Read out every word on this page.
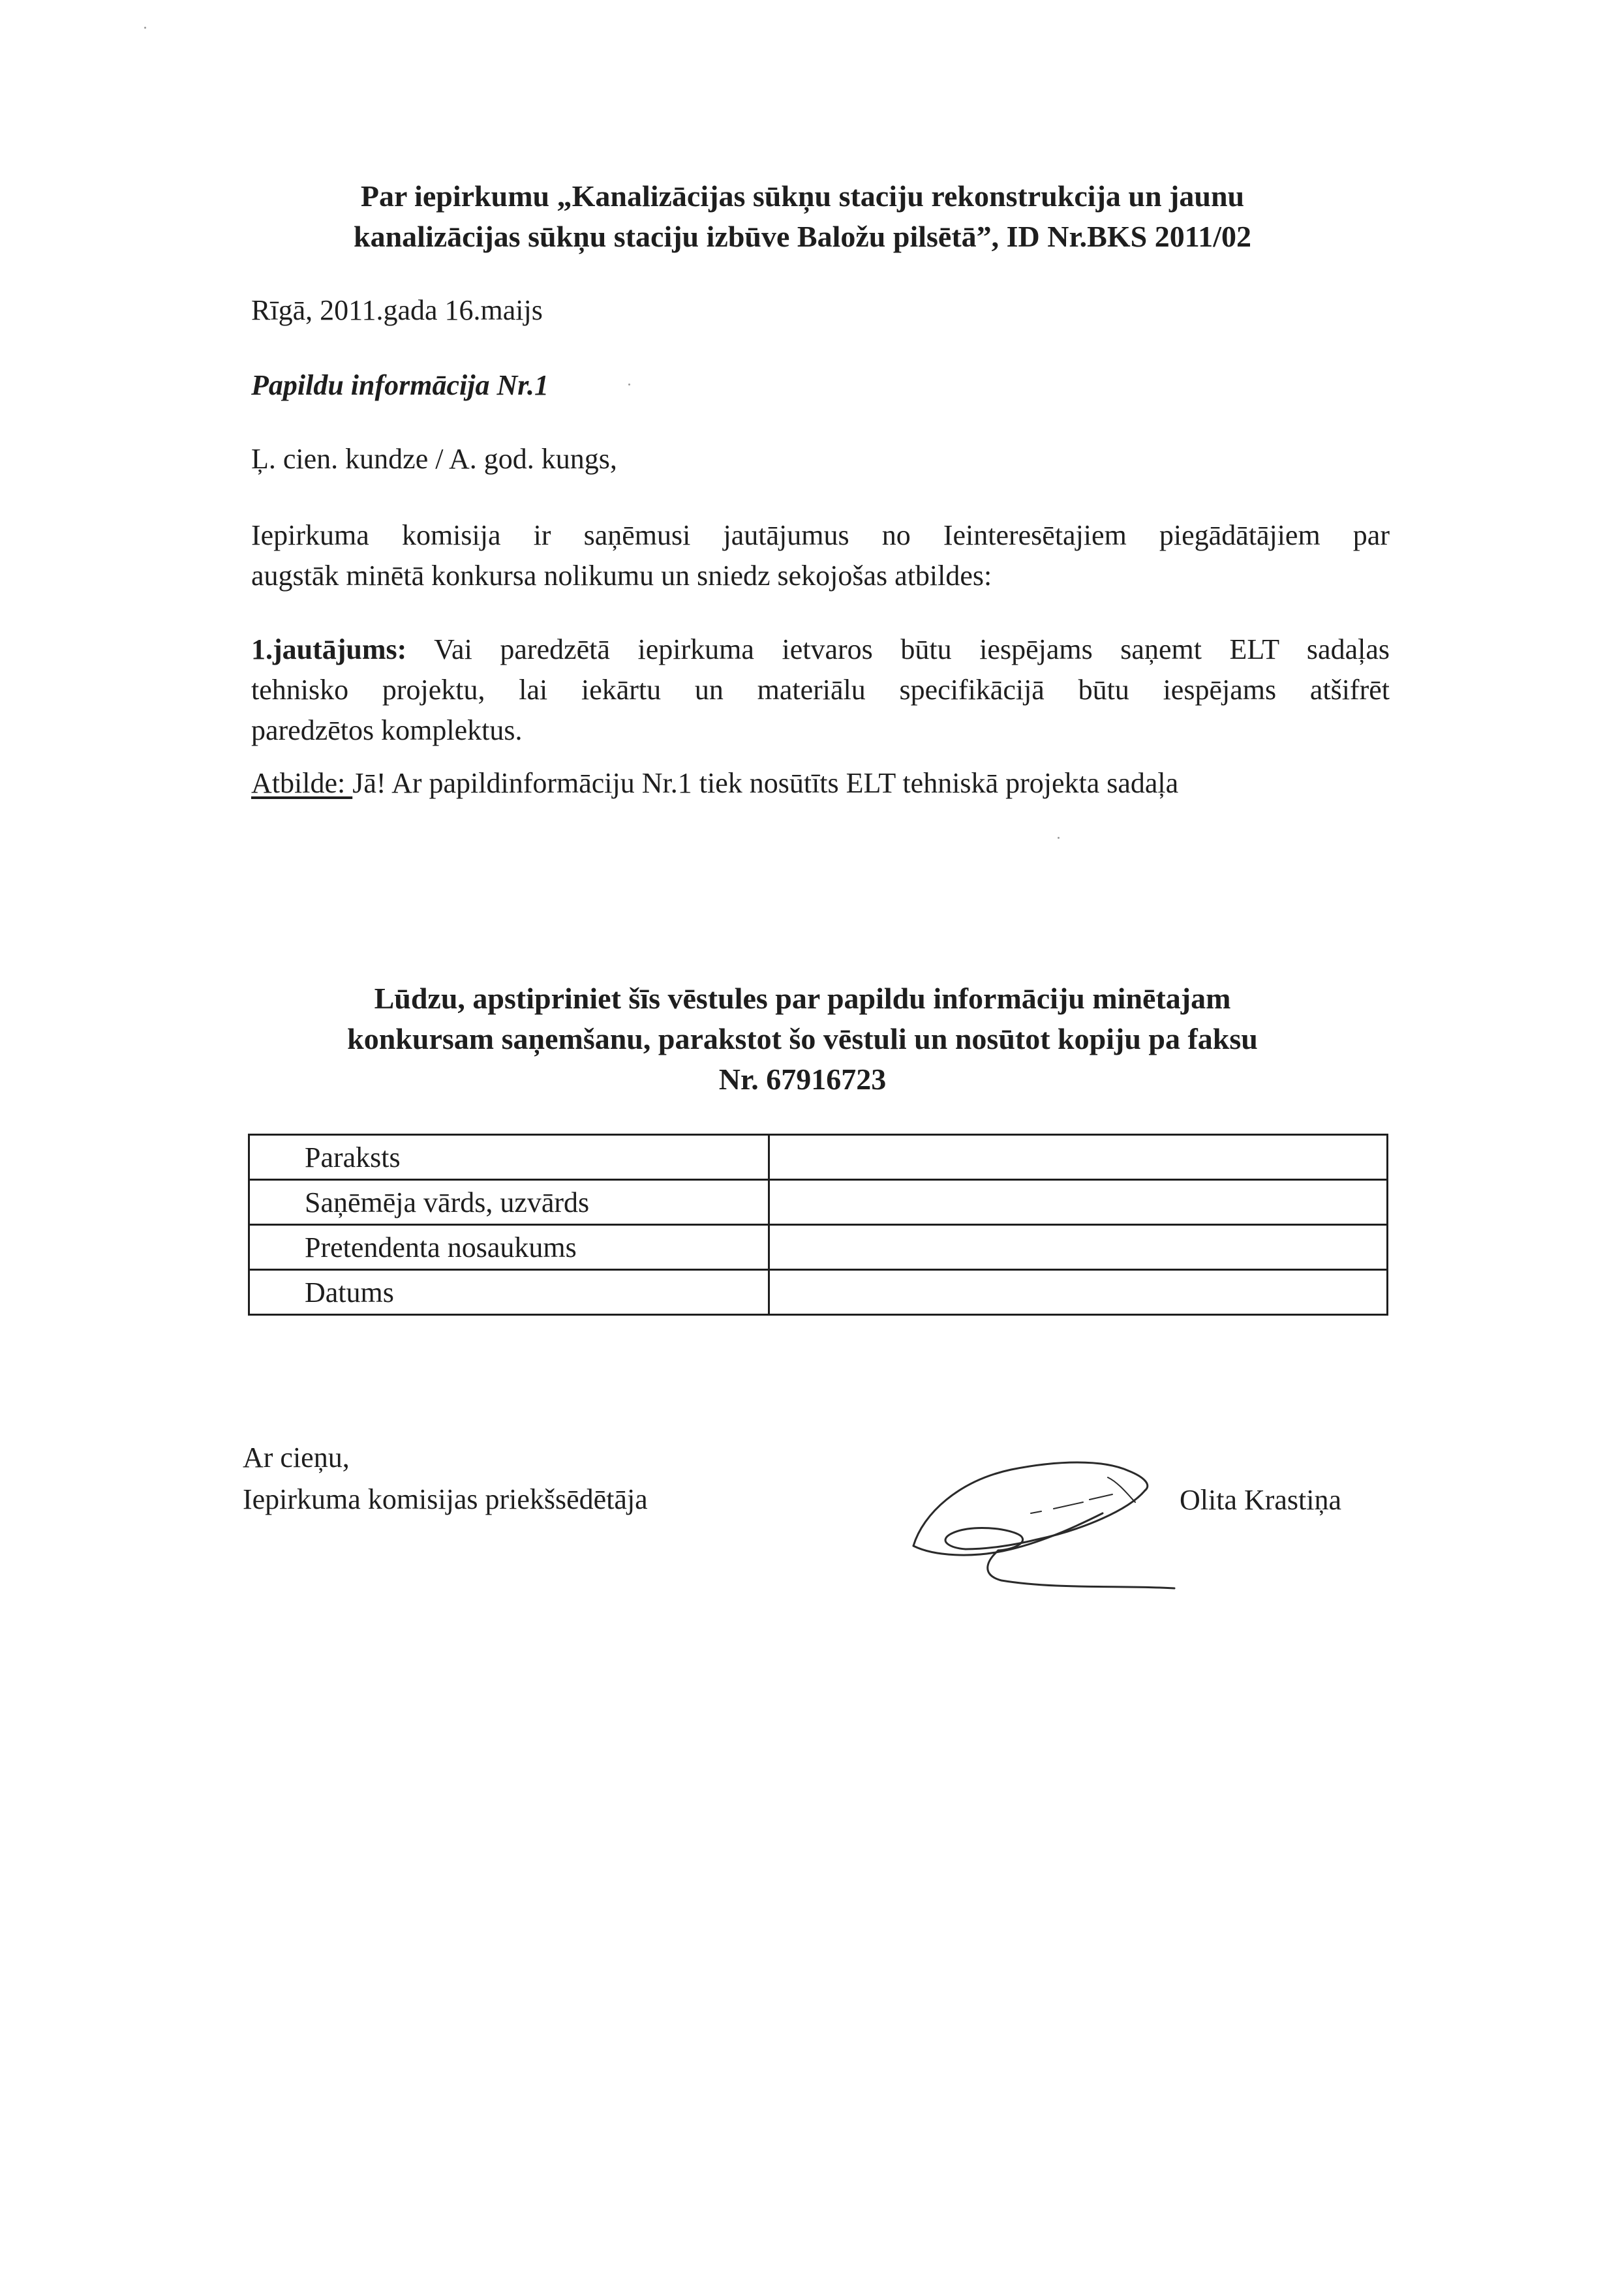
Par iepirkumu „Kanalizācijas sūkņu staciju rekonstrukcija un jaunu
kanalizācijas sūkņu staciju izbūve Baložu pilsētā”, ID Nr.BKS 2011/02
Rīgā, 2011.gada 16.maijs
Papildu informācija Nr.1
Ļ. cien. kundze / A. god. kungs,
Iepirkuma komisija ir saņēmusi jautājumus no Ieinteresētajiem piegādātājiem par
augstāk minētā konkursa nolikumu un sniedz sekojošas atbildes:
1.jautājums: Vai paredzētā iepirkuma ietvaros būtu iespējams saņemt ELT sadaļas
tehnisko projektu, lai iekārtu un materiālu specifikācijā būtu iespējams atšifrēt
paredzētos komplektus.
Atbilde: Jā! Ar papildinformāciju Nr.1 tiek nosūtīts ELT tehniskā projekta sadaļa
Lūdzu, apstipriniet šīs vēstules par papildu informāciju minētajam
konkursam saņemšanu, parakstot šo vēstuli un nosūtot kopiju pa faksu
Nr. 67916723
Paraksts	
Saņēmēja vārds, uzvārds	
Pretendenta nosaukums	
Datums	
Ar cieņu,
Iepirkuma komisijas priekšsēdētāja	Olita Krastiņa
